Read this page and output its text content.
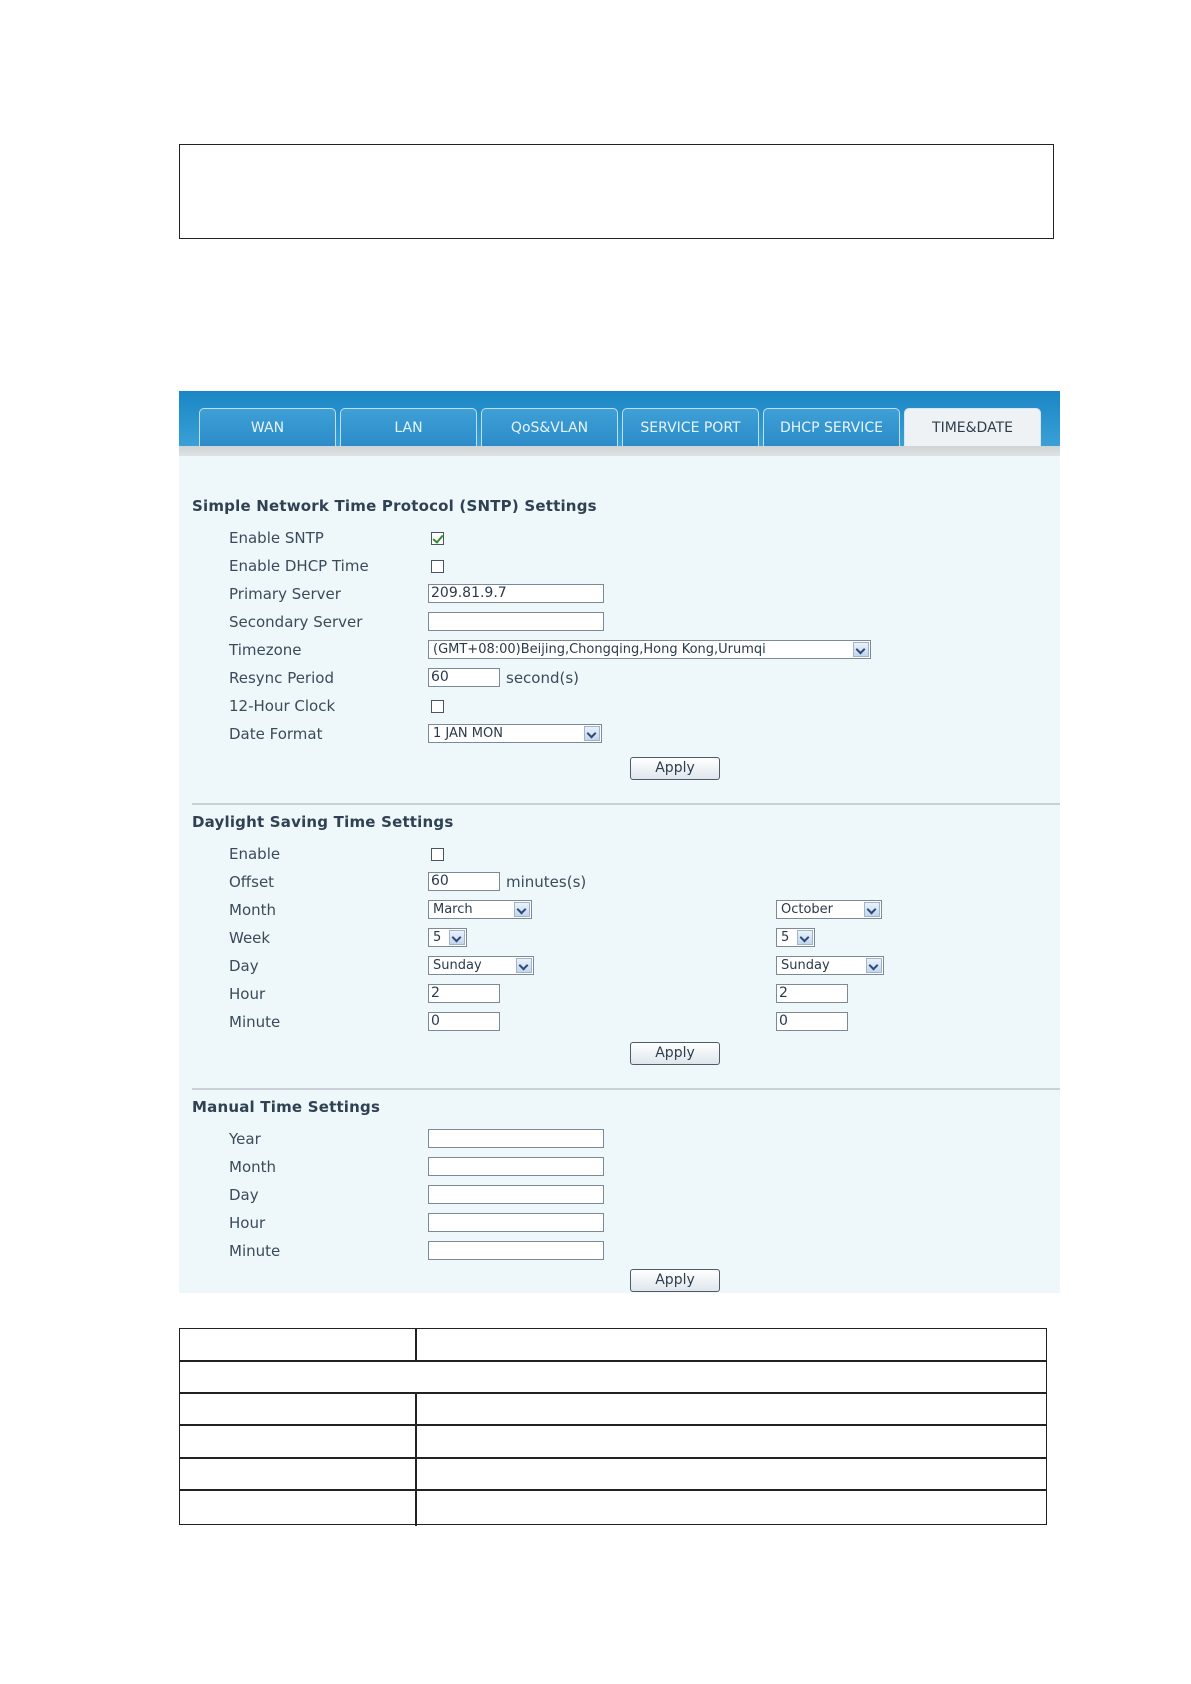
WAN	LAN	QoS&VLAN	SERVICE PORT	DHCP SERVICE	TIME&DATE
Simple Network Time Protocol (SNTP) Settings
Enable SNTP
Enable DHCP Time
Primary Server	209.81.9.7
Secondary Server
Timezone	(GMT+08:00)Beijing,Chongqing,Hong Kong,Urumqi
Resync Period	60	second(s)
12-Hour Clock
Date Format	1 JAN MON
Apply
Daylight Saving Time Settings
Enable
Offset	60	minutes(s)
Month	March	October
Week	5	5
Day	Sunday	Sunday
Hour	2	2
Minute	0	0
Apply
Manual Time Settings
Year
Month
Day
Hour
Minute
Apply
